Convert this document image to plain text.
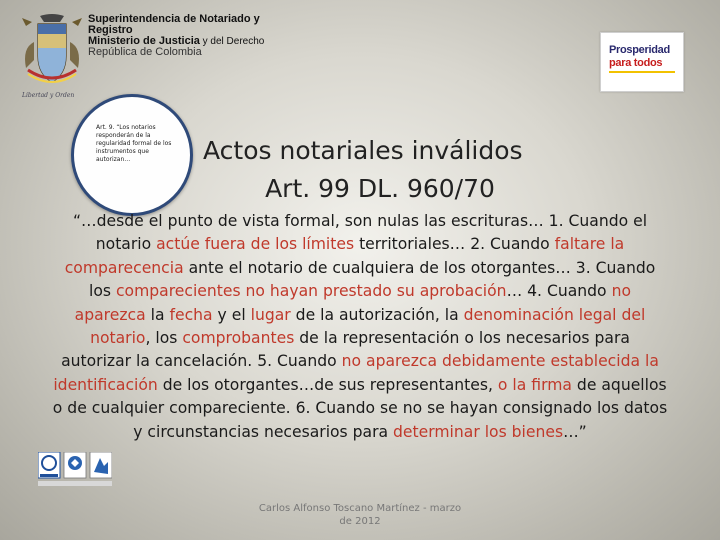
Libertad y Orden
Superintendencia de Notariado y
Registro
Ministerio de Justicia y del Derecho
República de Colombia	Prosperidad
para todos
Art. 9. “Los notarios responderán de la regularidad formal de los instrumentos que autorizan…	Actos notariales inválidos
Art. 99 DL. 960/70
“…desde el punto de vista formal, son nulas las escrituras… 1. Cuando el
notario actúe fuera de los límites territoriales… 2. Cuando faltare la
comparecencia ante el notario de cualquiera de los otorgantes… 3. Cuando
los comparecientes no hayan prestado su aprobación… 4. Cuando no
aparezca la fecha y el lugar de la autorización, la denominación legal del
notario, los comprobantes de la representación o los necesarios para
autorizar la cancelación. 5. Cuando no aparezca debidamente establecida la
identificación de los otorgantes…de sus representantes, o la firma de aquellos
o de cualquier compareciente. 6. Cuando se no se hayan consignado los datos
y circunstancias necesarios para determinar los bienes…”
Carlos Alfonso Toscano Martínez - marzo
de 2012
